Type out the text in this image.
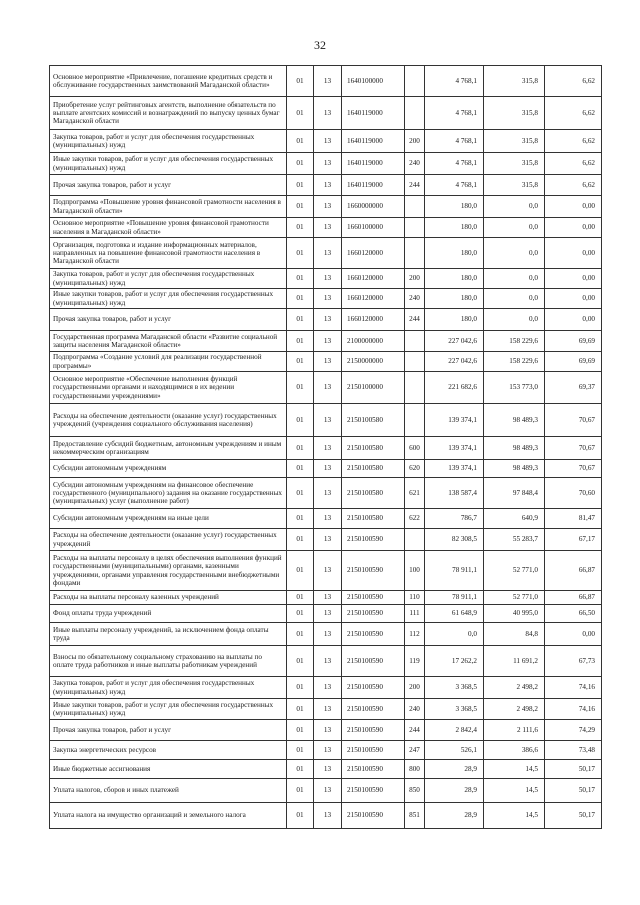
32
Основное мероприятие «Привлечение, погашение кредитных средств и обслуживание государственных заимствований Магаданской области»	01	13	1640100000		4 768,1	315,8	6,62
Приобретение услуг рейтинговых агентств, выполнение обязательств по выплате агентских комиссий и вознаграждений по выпуску ценных бумаг Магаданской области	01	13	1640119000		4 768,1	315,8	6,62
Закупка товаров, работ и услуг для обеспечения государственных (муниципальных) нужд	01	13	1640119000	200	4 768,1	315,8	6,62
Иные закупки товаров, работ и услуг для обеспечения государственных (муниципальных) нужд	01	13	1640119000	240	4 768,1	315,8	6,62
Прочая закупка товаров, работ и услуг	01	13	1640119000	244	4 768,1	315,8	6,62
Подпрограмма «Повышение уровня финансовой грамотности населения в Магаданской области»	01	13	1660000000		180,0	0,0	0,00
Основное мероприятие «Повышение уровня финансовой грамотности населения в Магаданской области»	01	13	1660100000		180,0	0,0	0,00
Организация, подготовка и издание информационных материалов, направленных на повышение финансовой грамотности населения в Магаданской области	01	13	1660120000		180,0	0,0	0,00
Закупка товаров, работ и услуг для обеспечения государственных (муниципальных) нужд	01	13	1660120000	200	180,0	0,0	0,00
Иные закупки товаров, работ и услуг для обеспечения государственных (муниципальных) нужд	01	13	1660120000	240	180,0	0,0	0,00
Прочая закупка товаров, работ и услуг	01	13	1660120000	244	180,0	0,0	0,00
Государственная программа Магаданской области «Развитие социальной защиты населения Магаданской области»	01	13	2100000000		227 042,6	158 229,6	69,69
Подпрограмма «Создание условий для реализации государственной программы»	01	13	2150000000		227 042,6	158 229,6	69,69
Основное мероприятие «Обеспечение выполнения функций государственными органами и находящимися в их ведении государственными учреждениями»	01	13	2150100000		221 682,6	153 773,0	69,37
Расходы на обеспечение деятельности (оказание услуг) государственных учреждений (учреждения социального обслуживания населения)	01	13	2150100580		139 374,1	98 489,3	70,67
Предоставление субсидий бюджетным, автономным учреждениям и иным некоммерческим организациям	01	13	2150100580	600	139 374,1	98 489,3	70,67
Субсидии автономным учреждениям	01	13	2150100580	620	139 374,1	98 489,3	70,67
Субсидии автономным учреждениям на финансовое обеспечение государственного (муниципального) задания на оказание государственных (муниципальных) услуг (выполнение работ)	01	13	2150100580	621	138 587,4	97 848,4	70,60
Субсидии автономным учреждениям на иные цели	01	13	2150100580	622	786,7	640,9	81,47
Расходы на обеспечение деятельности (оказание услуг) государственных учреждений	01	13	2150100590		82 308,5	55 283,7	67,17
Расходы на выплаты персоналу в целях обеспечения выполнения функций государственными (муниципальными) органами, казенными учреждениями, органами управления государственными внебюджетными фондами	01	13	2150100590	100	78 911,1	52 771,0	66,87
Расходы на выплаты персоналу казенных учреждений	01	13	2150100590	110	78 911,1	52 771,0	66,87
Фонд оплаты труда учреждений	01	13	2150100590	111	61 648,9	40 995,0	66,50
Иные выплаты персоналу учреждений, за исключением фонда оплаты труда	01	13	2150100590	112	0,0	84,8	0,00
Взносы по обязательному социальному страхованию на выплаты по оплате труда работников и иные выплаты работникам учреждений	01	13	2150100590	119	17 262,2	11 691,2	67,73
Закупка товаров, работ и услуг для обеспечения государственных (муниципальных) нужд	01	13	2150100590	200	3 368,5	2 498,2	74,16
Иные закупки товаров, работ и услуг для обеспечения государственных (муниципальных) нужд	01	13	2150100590	240	3 368,5	2 498,2	74,16
Прочая закупка товаров, работ и услуг	01	13	2150100590	244	2 842,4	2 111,6	74,29
Закупка энергетических ресурсов	01	13	2150100590	247	526,1	386,6	73,48
Иные бюджетные ассигнования	01	13	2150100590	800	28,9	14,5	50,17
Уплата налогов, сборов и иных платежей	01	13	2150100590	850	28,9	14,5	50,17
Уплата налога на имущество организаций и земельного налога	01	13	2150100590	851	28,9	14,5	50,17
